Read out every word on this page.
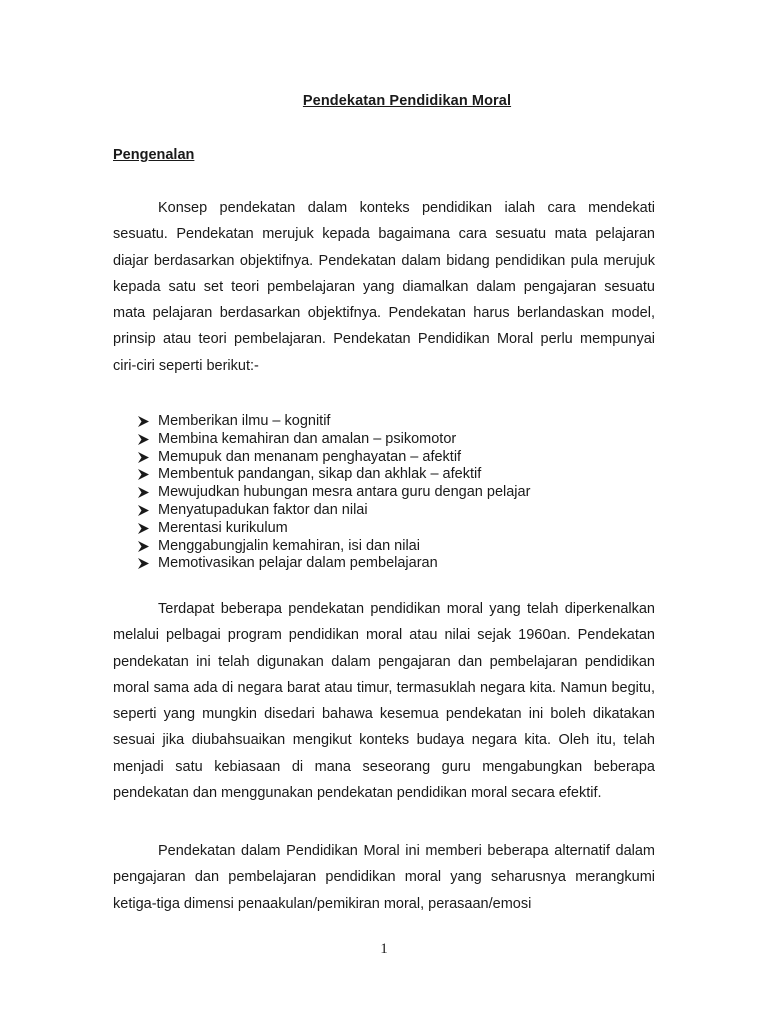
Pendekatan Pendidikan Moral
Pengenalan

Konsep pendekatan dalam konteks pendidikan ialah cara mendekati sesuatu. Pendekatan merujuk kepada bagaimana cara sesuatu mata pelajaran diajar berdasarkan objektifnya. Pendekatan dalam bidang pendidikan pula merujuk kepada satu set teori pembelajaran yang diamalkan dalam pengajaran sesuatu mata pelajaran berdasarkan objektifnya. Pendekatan harus berlandaskan model, prinsip atau teori pembelajaran. Pendekatan Pendidikan Moral perlu mempunyai ciri-ciri seperti berikut:-

Memberikan ilmu – kognitif
Membina kemahiran dan amalan – psikomotor
Memupuk dan menanam penghayatan – afektif
Membentuk pandangan, sikap dan akhlak – afektif
Mewujudkan hubungan mesra antara guru dengan pelajar
Menyatupadukan faktor dan nilai
Merentasi kurikulum
Menggabungjalin kemahiran, isi dan nilai
Memotivasikan pelajar dalam pembelajaran

Terdapat beberapa pendekatan pendidikan moral yang telah diperkenalkan melalui pelbagai program pendidikan moral atau nilai sejak 1960an. Pendekatan pendekatan ini telah digunakan dalam pengajaran dan pembelajaran pendidikan moral sama ada di negara barat atau timur, termasuklah negara kita. Namun begitu, seperti yang mungkin disedari bahawa kesemua pendekatan ini boleh dikatakan sesuai jika diubahsuaikan mengikut konteks budaya negara kita. Oleh itu, telah menjadi satu kebiasaan di mana seseorang guru mengabungkan beberapa pendekatan dan menggunakan pendekatan pendidikan moral secara efektif.

Pendekatan dalam Pendidikan Moral ini memberi beberapa alternatif dalam pengajaran dan pembelajaran pendidikan moral yang seharusnya merangkumi ketiga-tiga dimensi penaakulan/pemikiran moral, perasaan/emosi

1
